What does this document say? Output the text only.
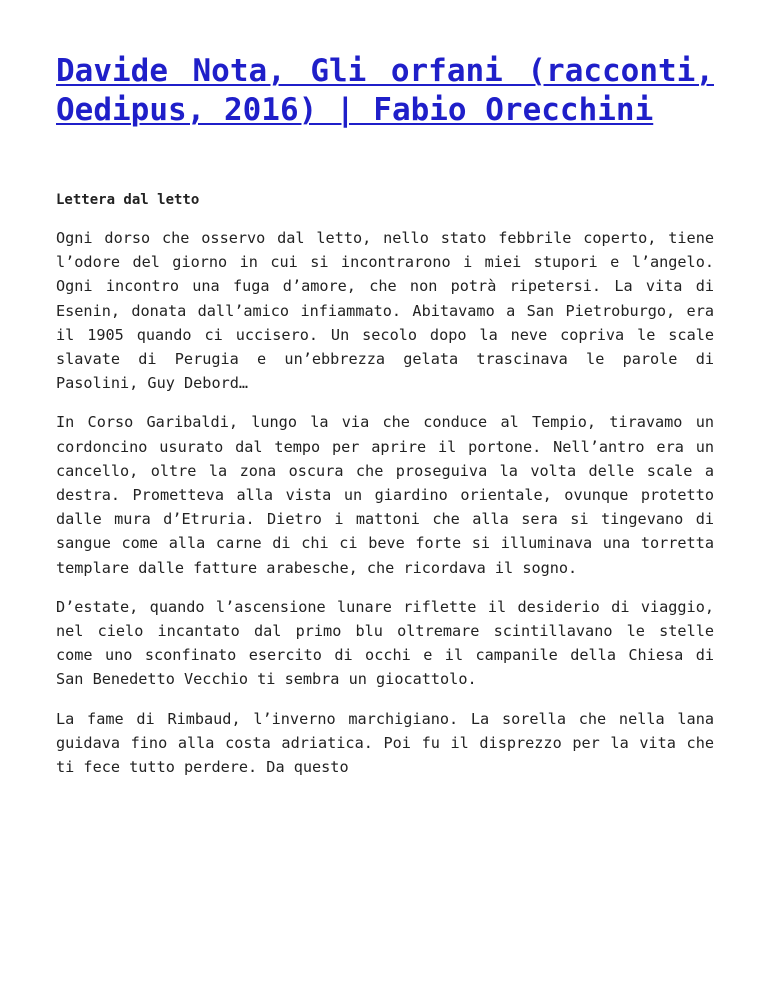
Davide Nota, Gli orfani (racconti, Oedipus, 2016) | Fabio Orecchini
Lettera dal letto

Ogni dorso che osservo dal letto, nello stato febbrile coperto, tiene l’odore del giorno in cui si incontrarono i miei stupori e l’angelo. Ogni incontro una fuga d’amore, che non potrà ripetersi. La vita di Esenin, donata dall’amico infiammato. Abitavamo a San Pietroburgo, era il 1905 quando ci uccisero. Un secolo dopo la neve copriva le scale slavate di Perugia e un’ebbrezza gelata trascinava le parole di Pasolini, Guy Debord…

In Corso Garibaldi, lungo la via che conduce al Tempio, tiravamo un cordoncino usurato dal tempo per aprire il portone. Nell’antro era un cancello, oltre la zona oscura che proseguiva la volta delle scale a destra. Prometteva alla vista un giardino orientale, ovunque protetto dalle mura d’Etruria. Dietro i mattoni che alla sera si tingevano di sangue come alla carne di chi ci beve forte si illuminava una torretta templare dalle fatture arabesche, che ricordava il sogno.

D’estate, quando l’ascensione lunare riflette il desiderio di viaggio, nel cielo incantato dal primo blu oltremare scintillavano le stelle come uno sconfinato esercito di occhi e il campanile della Chiesa di San Benedetto Vecchio ti sembra un giocattolo.

La fame di Rimbaud, l’inverno marchigiano. La sorella che nella lana guidava fino alla costa adriatica. Poi fu il disprezzo per la vita che ti fece tutto perdere. Da questo
